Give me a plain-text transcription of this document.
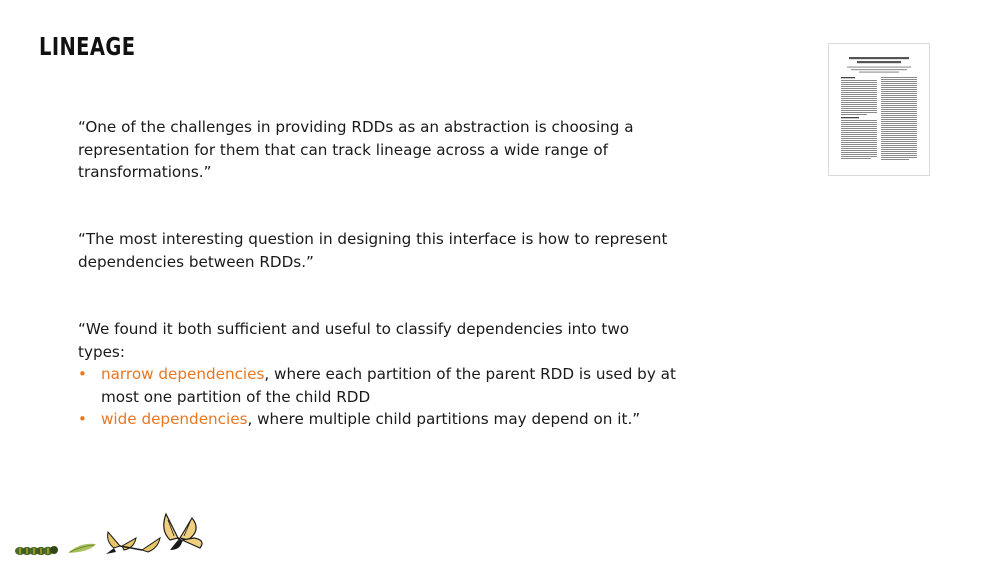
LINEAGE
“One of the challenges in providing RDDs as an abstraction is choosing a representation for them that can track lineage across a wide range of transformations.”
“The most interesting question in designing this interface is how to represent dependencies between RDDs.”
“We found it both sufficient and useful to classify dependencies into two types:
• narrow dependencies, where each partition of the parent RDD is used by at most one partition of the child RDD
• wide dependencies, where multiple child partitions may depend on it.”
